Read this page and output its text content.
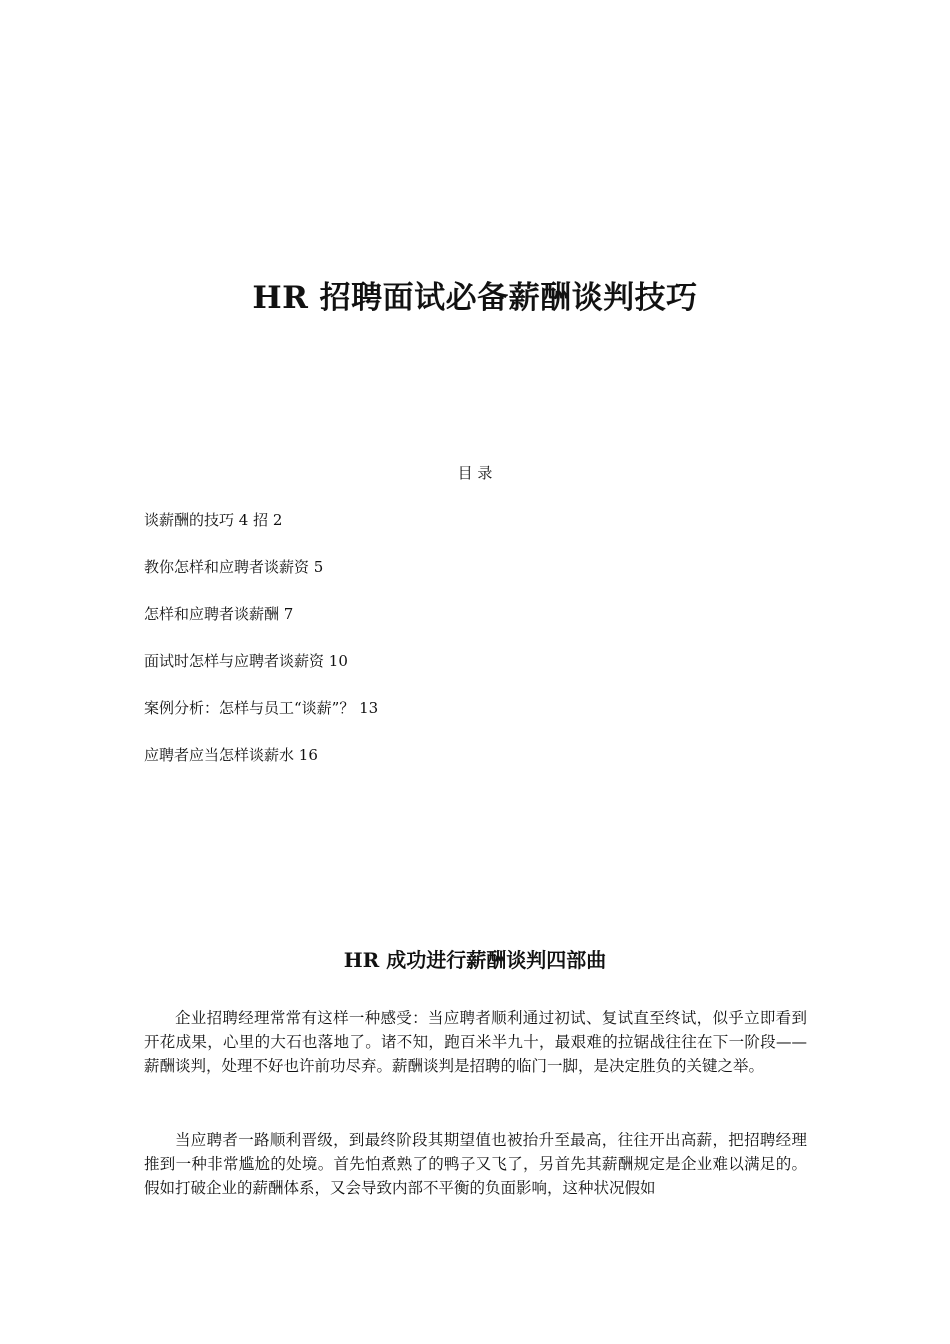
HR 招聘面试必备薪酬谈判技巧

目 录

谈薪酬的技巧 4 招 2
教你怎样和应聘者谈薪资 5
怎样和应聘者谈薪酬 7
面试时怎样与应聘者谈薪资 10
案例分析：怎样与员工“谈薪”？ 13
应聘者应当怎样谈薪水 16
HR 成功进行薪酬谈判四部曲

企业招聘经理常常有这样一种感受：当应聘者顺利通过初试、复试直至终试，似乎立即看到开花成果，心里的大石也落地了。诸不知，跑百米半九十，最艰难的拉锯战往往在下一阶段——薪酬谈判，处理不好也许前功尽弃。薪酬谈判是招聘的临门一脚，是决定胜负的关键之举。

当应聘者一路顺利晋级，到最终阶段其期望值也被抬升至最高，往往开出高薪，把招聘经理推到一种非常尴尬的处境。首先怕煮熟了的鸭子又飞了，另首先其薪酬规定是企业难以满足的。假如打破企业的薪酬体系，又会导致内部不平衡的负面影响，这种状况假如
